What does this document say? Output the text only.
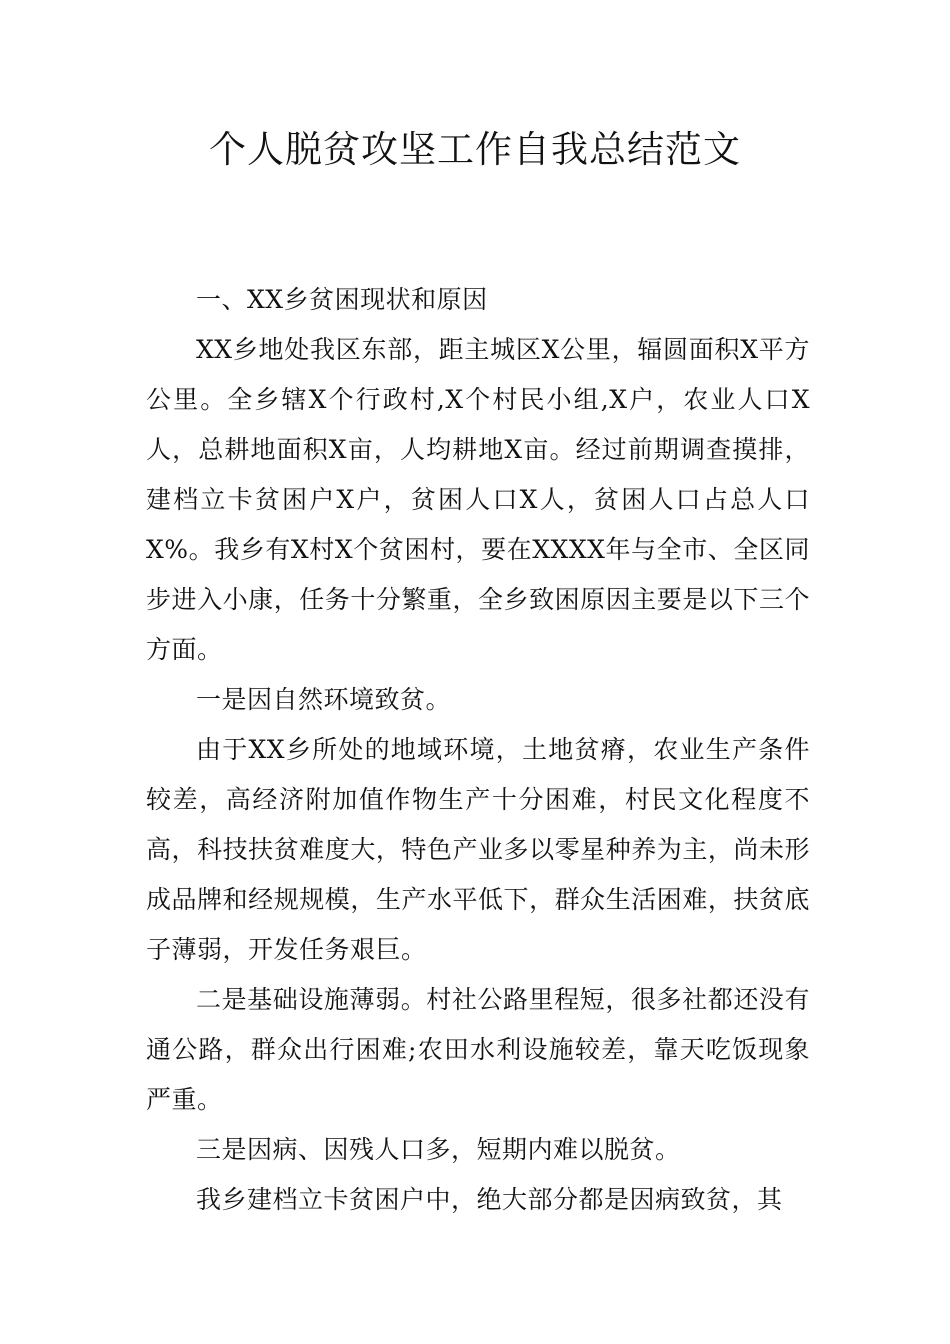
个人脱贫攻坚工作自我总结范文

一、XX乡贫困现状和原因

XX乡地处我区东部，距主城区X公里，辐圆面积X平方公里。全乡辖X个行政村,X个村民小组,X户，农业人口X人，总耕地面积X亩，人均耕地X亩。经过前期调查摸排，建档立卡贫困户X户，贫困人口X人，贫困人口占总人口X%。我乡有X村X个贫困村，要在XXXX年与全市、全区同步进入小康，任务十分繁重，全乡致困原因主要是以下三个方面。

一是因自然环境致贫。

由于XX乡所处的地域环境，土地贫瘠，农业生产条件较差，高经济附加值作物生产十分困难，村民文化程度不高，科技扶贫难度大，特色产业多以零星种养为主，尚未形成品牌和经规规模，生产水平低下，群众生活困难，扶贫底子薄弱，开发任务艰巨。

二是基础设施薄弱。村社公路里程短，很多社都还没有通公路，群众出行困难;农田水利设施较差，靠天吃饭现象严重。

三是因病、因残人口多，短期内难以脱贫。

我乡建档立卡贫困户中，绝大部分都是因病致贫，其
